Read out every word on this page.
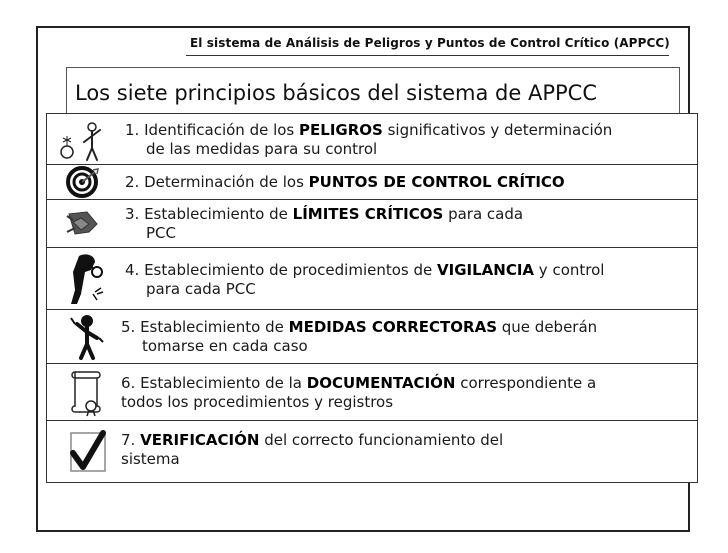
El sistema de Análisis de Peligros y Puntos de Control Crítico (APPCC)
Los siete principios básicos del sistema de APPCC
1. Identificación de los PELIGROS significativos y determinación
de las medidas para su control
2. Determinación de los PUNTOS DE CONTROL CRÍTICO
3. Establecimiento de LÍMITES CRÍTICOS para cada
PCC
4. Establecimiento de procedimientos de VIGILANCIA y control
para cada PCC
5. Establecimiento de MEDIDAS CORRECTORAS que deberán
tomarse en cada caso
6. Establecimiento de la DOCUMENTACIÓN correspondiente a
todos los procedimientos y registros
7. VERIFICACIÓN del correcto funcionamiento del
sistema
